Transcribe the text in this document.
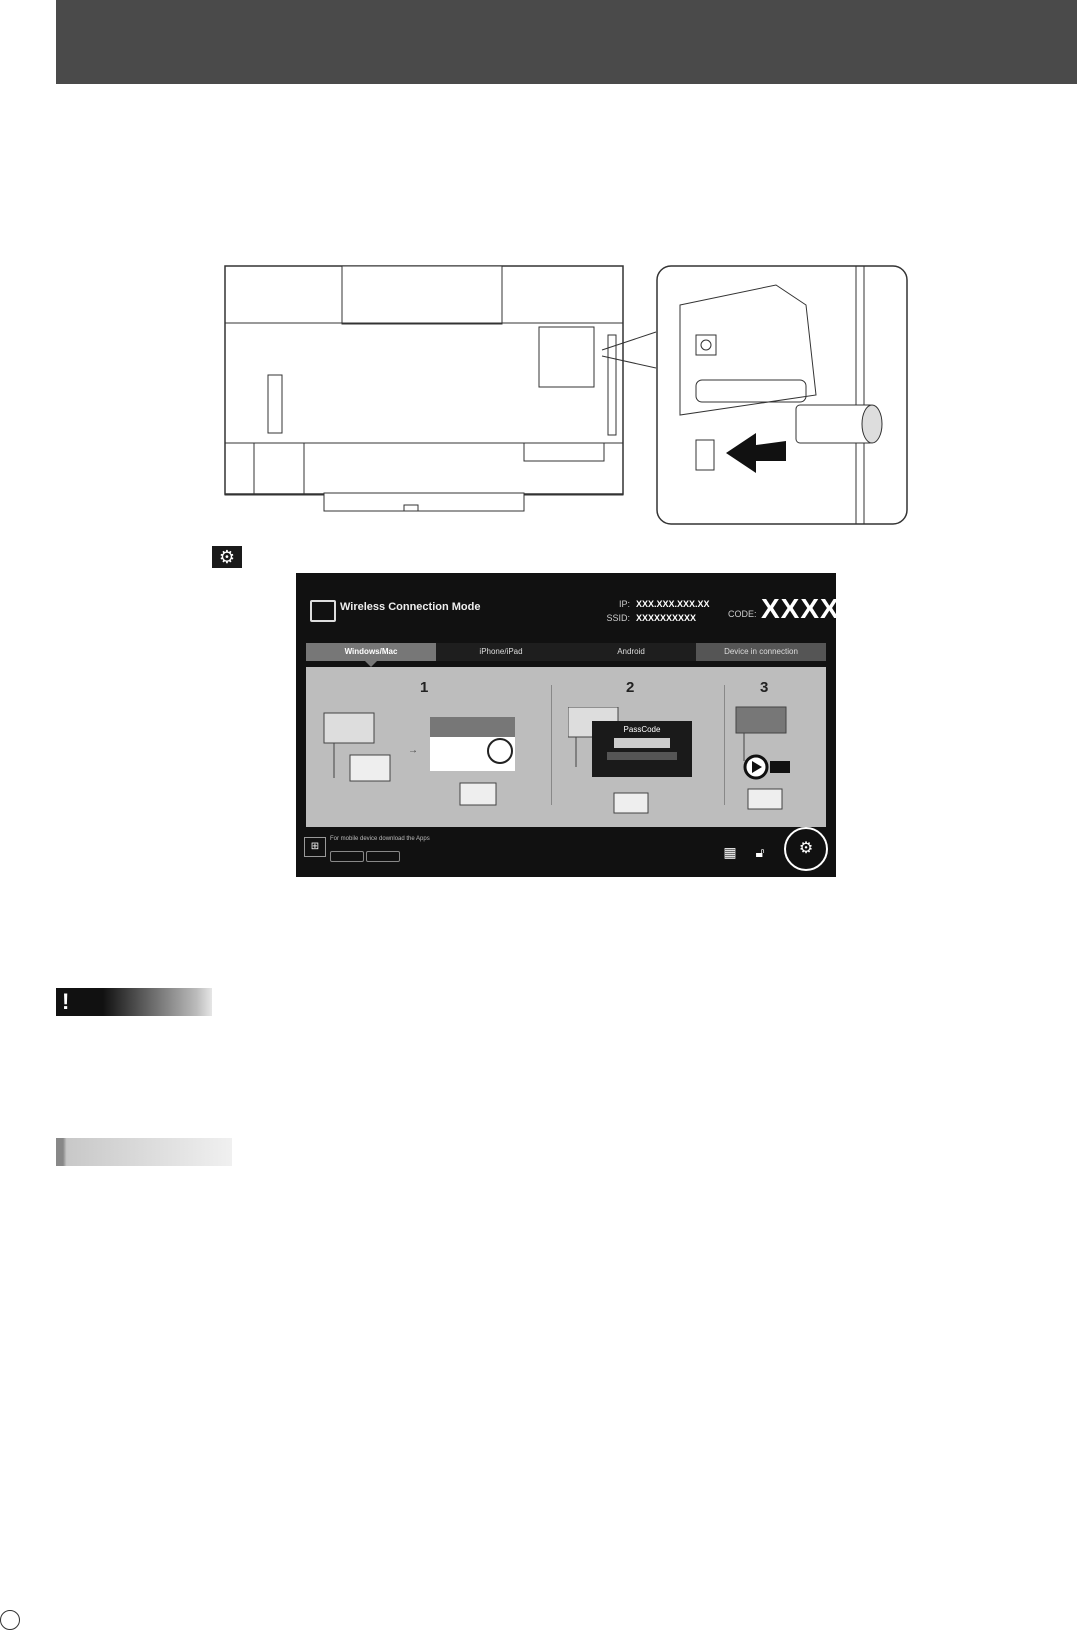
⚙
Wireless Connection Mode	IP: XXX.XXX.XXX.XX
SSID: XXXXXXXXXX	CODE: XXXX
Windows/Mac	iPhone/iPad	Android	Device in connection
1	2	3
→
PassCode
⊞
For mobile device download the Apps
▦	🔓︎	⚙
!
